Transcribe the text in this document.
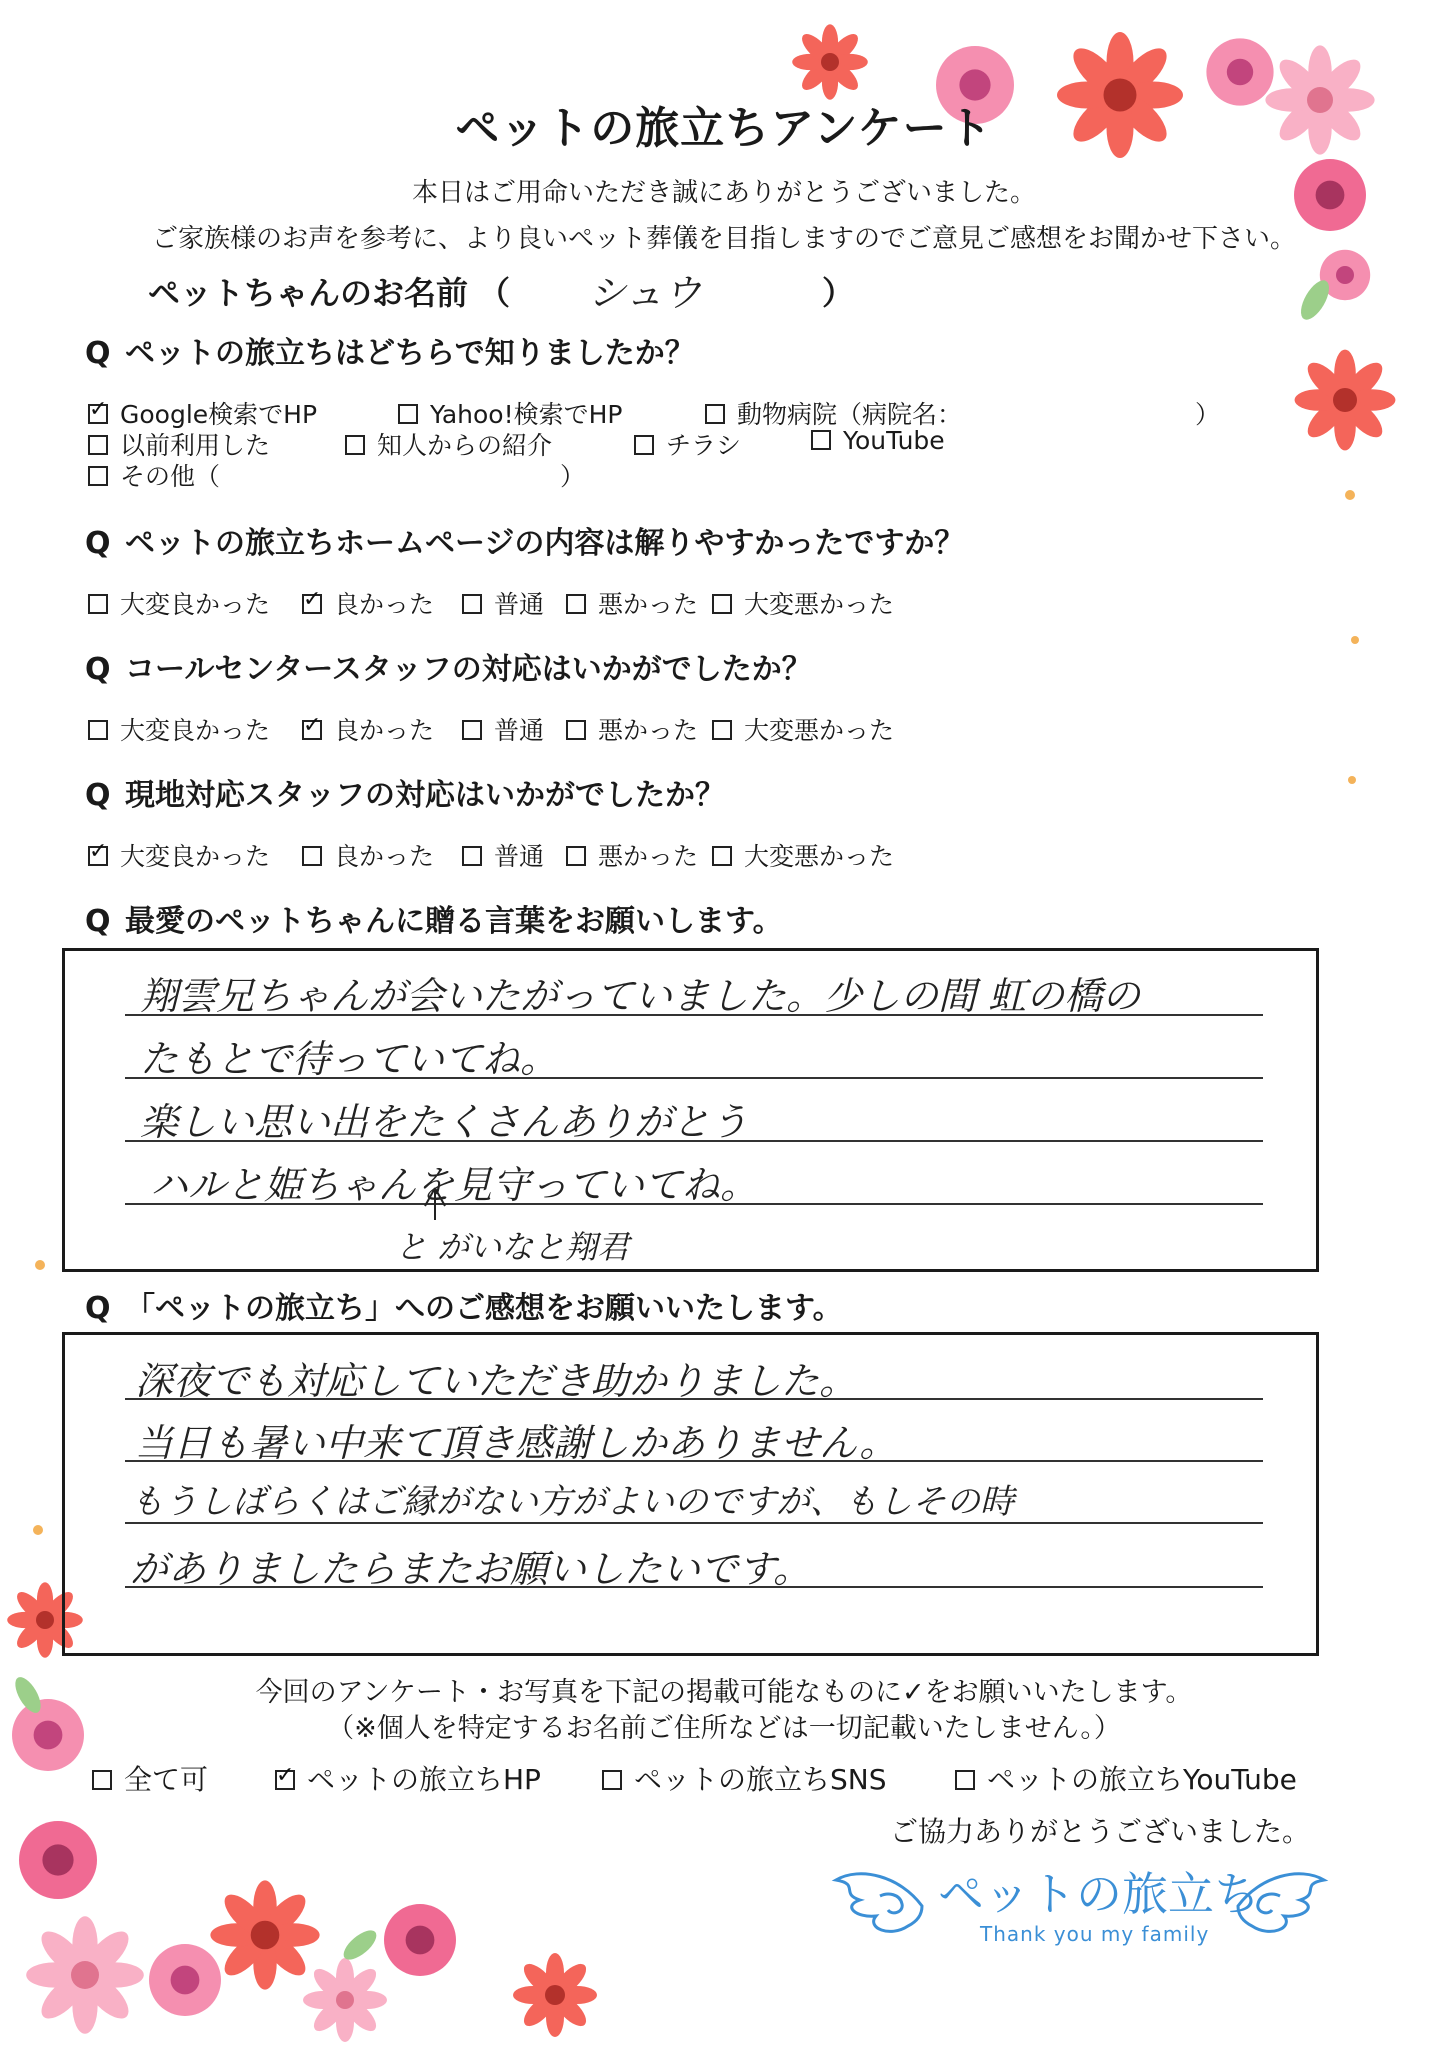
ペットの旅立ちアンケート
本日はご用命いただき誠にありがとうございました。
ご家族様のお声を参考に、より良いペット葬儀を目指しますのでご意見ご感想をお聞かせ下さい。
ペットちゃんのお名前 （ シュウ	）
Q ペットの旅立ちはどちらで知りましたか？
✓Google検索でHP	Yahoo!検索でHP	動物病院（病院名：	）
以前利用した	知人からの紹介	チラシ	YouTube
その他（	）
Q ペットの旅立ちホームページの内容は解りやすかったですか？
大変良かった ✓	良かった	普通	悪かった	大変悪かった
Q コールセンタースタッフの対応はいかがでしたか？
大変良かった ✓	良かった	普通	悪かった	大変悪かった
Q 現地対応スタッフの対応はいかがでしたか？
✓大変良かった	良かった	普通	悪かった	大変悪かった
Q 最愛のペットちゃんに贈る言葉をお願いします。
翔雲兄ちゃんが会いたがっていました。少しの間 虹の橋の
たもとで待っていてね。
楽しい思い出をたくさんありがとう
ハルと姫ちゃんを見守っていてね。
と がいなと翔君
Q 「ペットの旅立ち」へのご感想をお願いいたします。
深夜でも対応していただき助かりました。
当日も暑い中来て頂き感謝しかありません。
もうしばらくはご縁がない方がよいのですが、もしその時
がありましたらまたお願いしたいです。
今回のアンケート・お写真を下記の掲載可能なものに✓をお願いいたします。
（※個人を特定するお名前ご住所などは一切記載いたしません。）
全て可 ✓	ペットの旅立ちHP	ペットの旅立ちSNS	ペットの旅立ちYouTube
ご協力ありがとうございました。
ペットの旅立ち
Thank you my family
